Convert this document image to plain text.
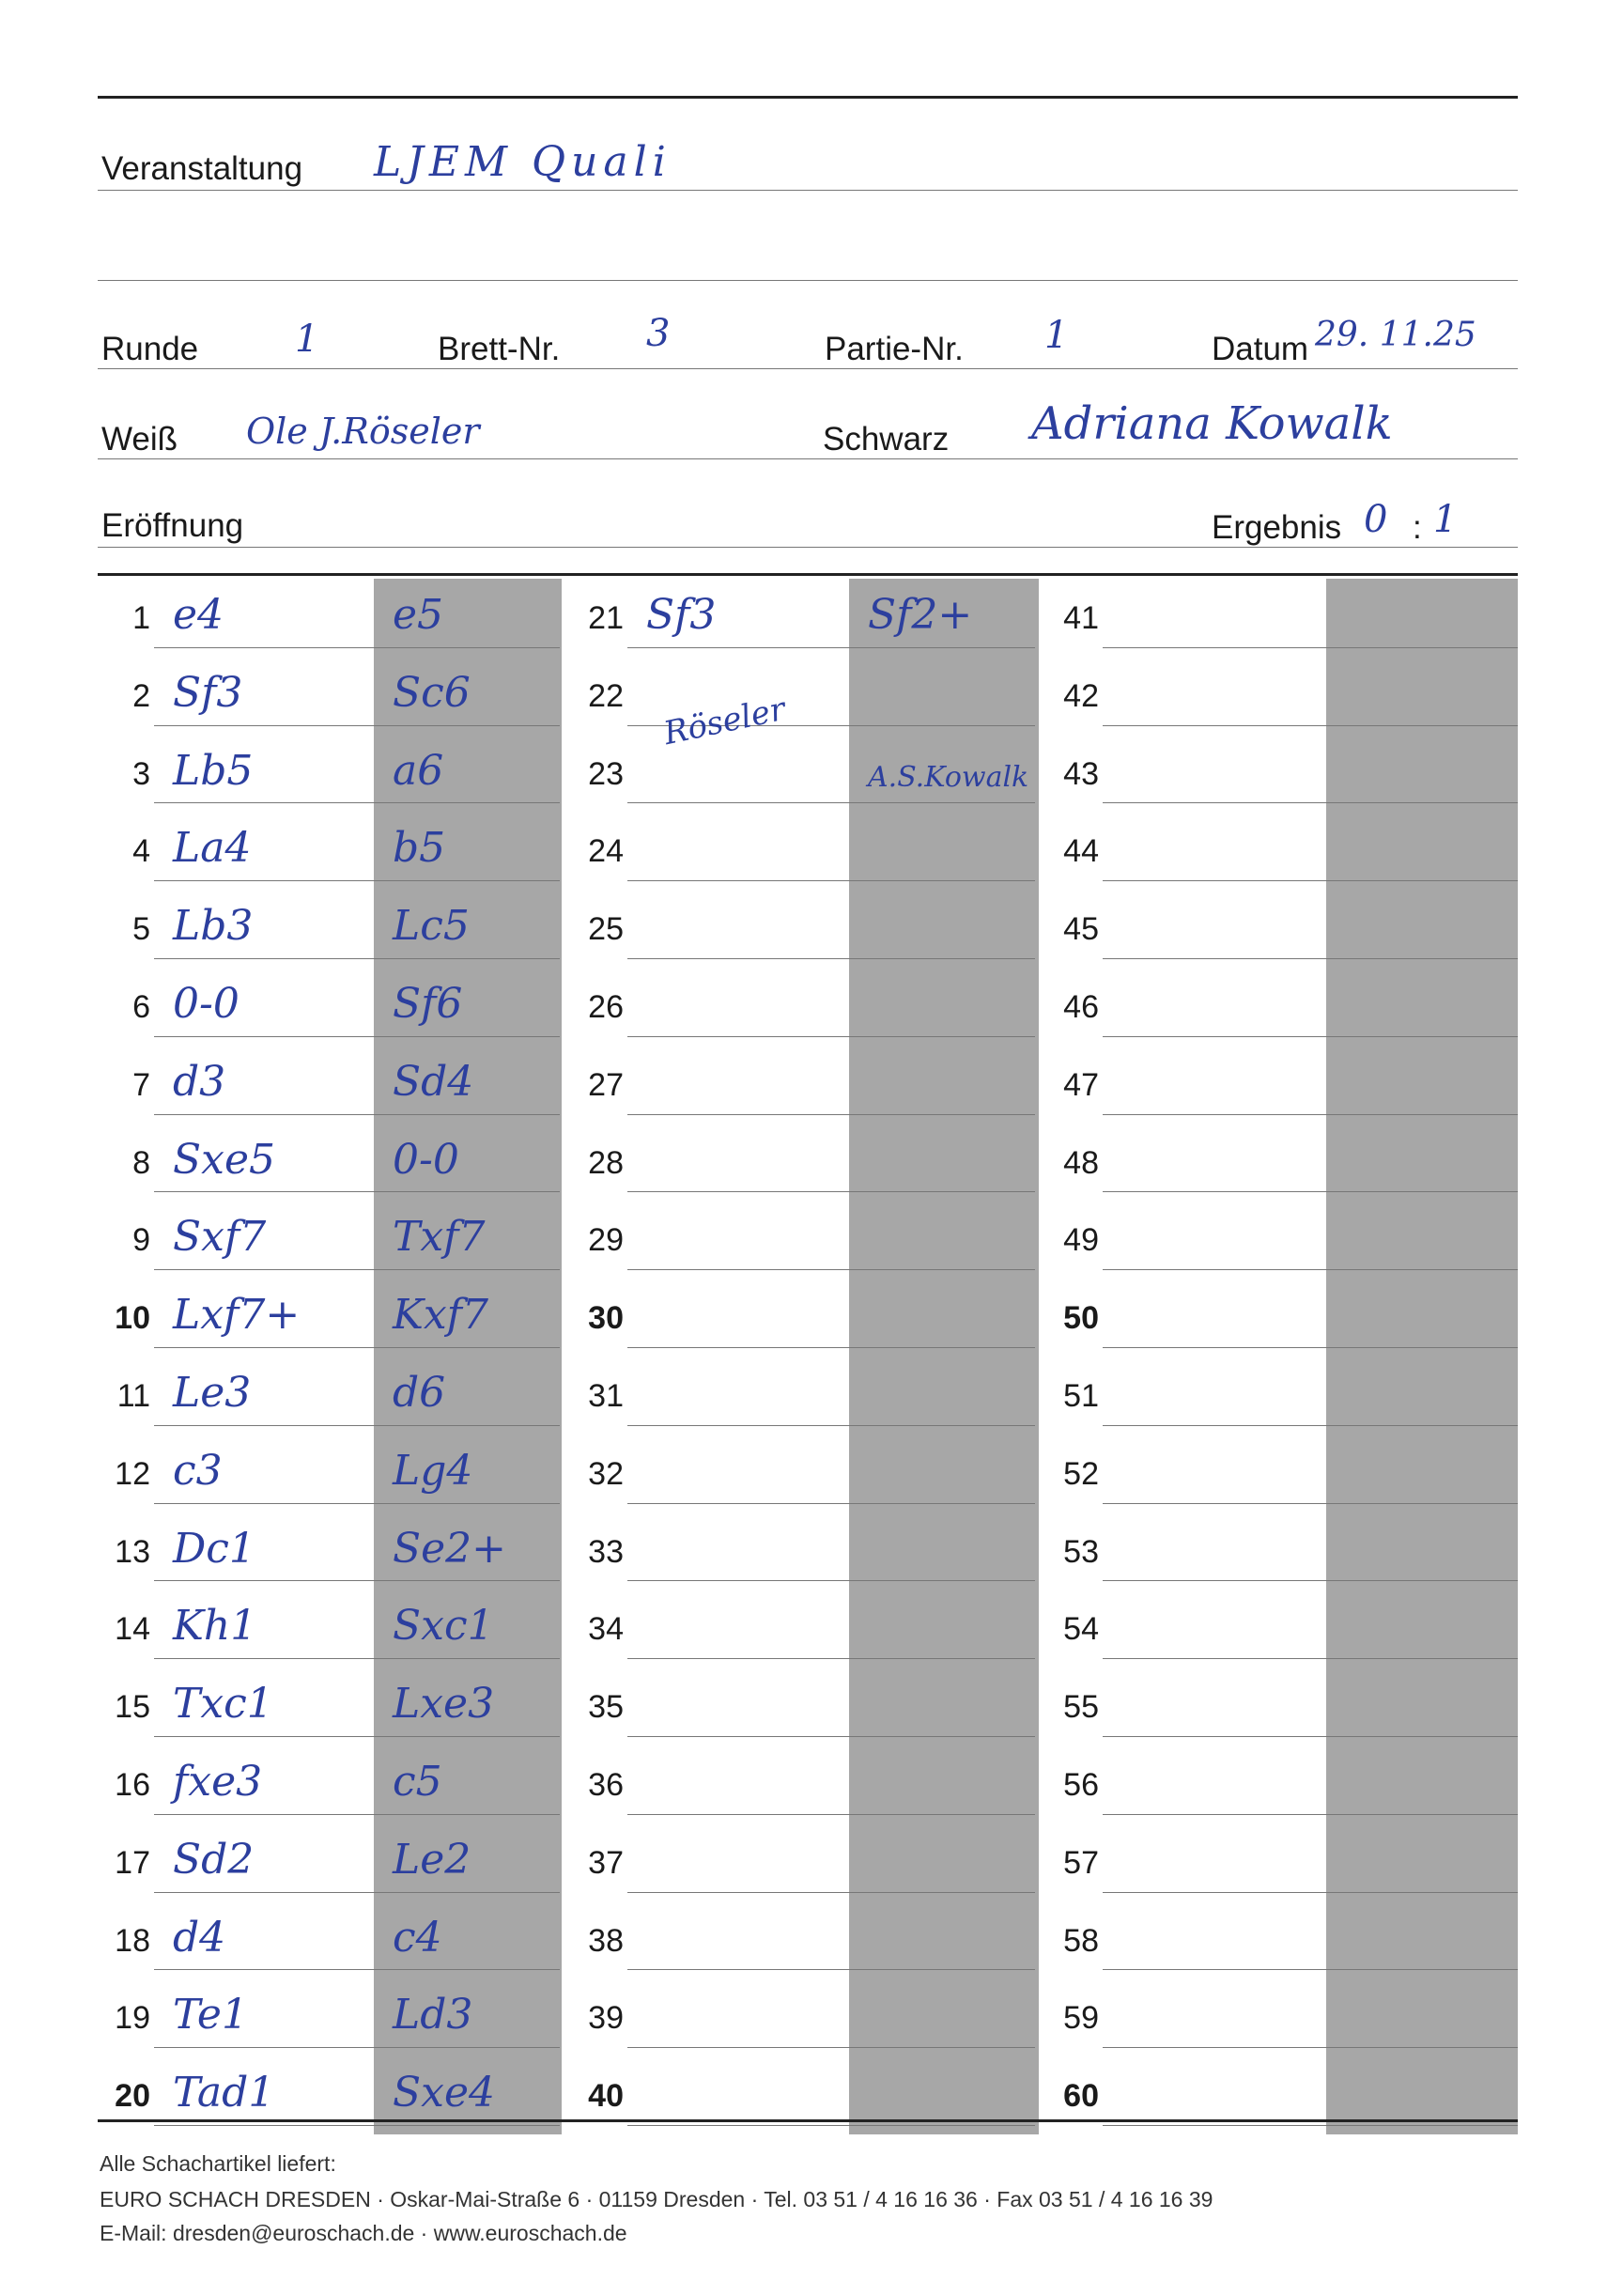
Veranstaltung LJEM Quali
Runde	1	Brett-Nr. 3	Partie-Nr. 1	Datum 29. 11.25
Weiß Ole J.Röseler	Schwarz Adriana Kowalk
Eröffnung	Ergebnis 0 : 1
1 e4	e5
2 Sf3	Sc6
3 Lb5	a6
4 La4	b5
5 Lb3	Lc5
6 0-0	Sf6
7 d3	Sd4
8 Sxe5	0-0
9 Sxf7	Txf7
10 Lxf7+ Kxf7
11 Le3	d6
12 c3	Lg4
13 Dc1	Se2+
14 Kh1	Sxc1
15 Txc1	Lxe3
16 fxe3	c5
17 Sd2	Le2
18 d4	c4
19 Te1	Ld3
20 Tad1	Sxe4
21 Sf3	Sf2+
22
23
24
25
26
27
28
29
30
31
32
33
34
35
36
37
38
39
40
41
42
43
44
45
46
47
48
49
50
51
52
53
54
55
56
57
58
59
60
Röseler
A.S.Kowalk
Alle Schachartikel liefert:
EURO SCHACH DRESDEN · Oskar-Mai-Straße 6 · 01159 Dresden · Tel. 03 51 / 4 16 16 36 · Fax 03 51 / 4 16 16 39
E-Mail: dresden@euroschach.de · www.euroschach.de
